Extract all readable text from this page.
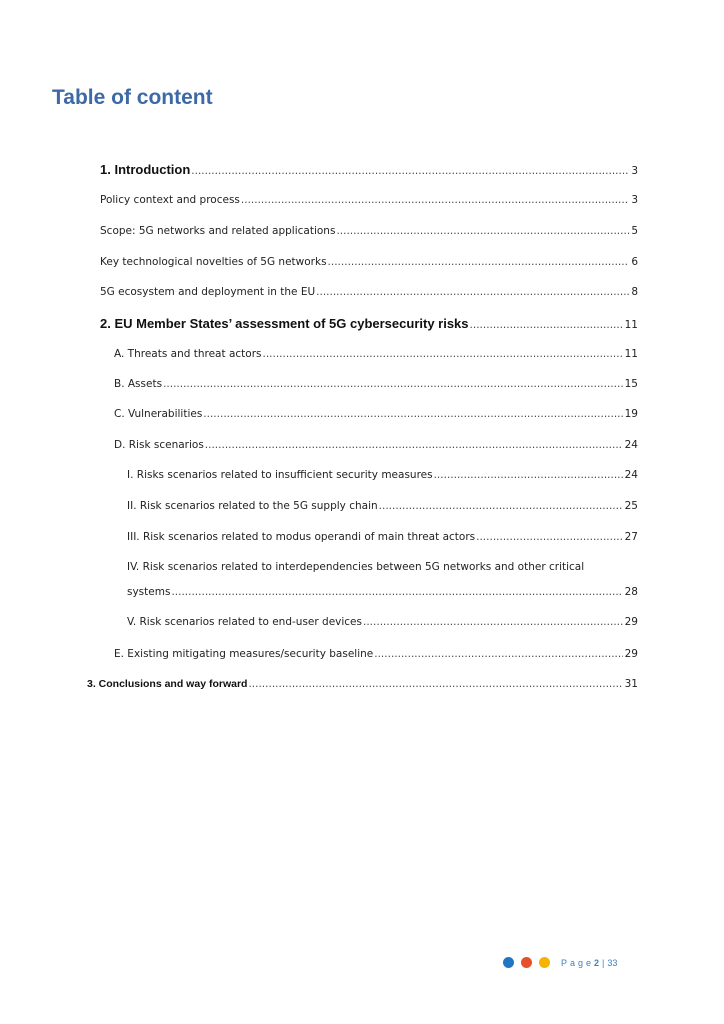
Table of content
1. Introduction .....	3
Policy context and process .....	3
Scope: 5G networks and related applications .....	5
Key technological novelties of 5G networks .....	6
5G ecosystem and deployment in the EU .....	8
2. EU Member States’ assessment of 5G cybersecurity risks .....	11
A. Threats and threat actors .....	11
B. Assets .....	15
C. Vulnerabilities .....	19
D. Risk scenarios .....	24
I. Risks scenarios related to insufficient security measures .....	24
II. Risk scenarios related to the 5G supply chain .....	25
III. Risk scenarios related to modus operandi of main threat actors .....	27
IV. Risk scenarios related to interdependencies between 5G networks and other critical
systems .....	28
V. Risk scenarios related to end-user devices .....	29
E. Existing mitigating measures/security baseline .....	29
3. Conclusions and way forward .....	31
Page 2 | 33
